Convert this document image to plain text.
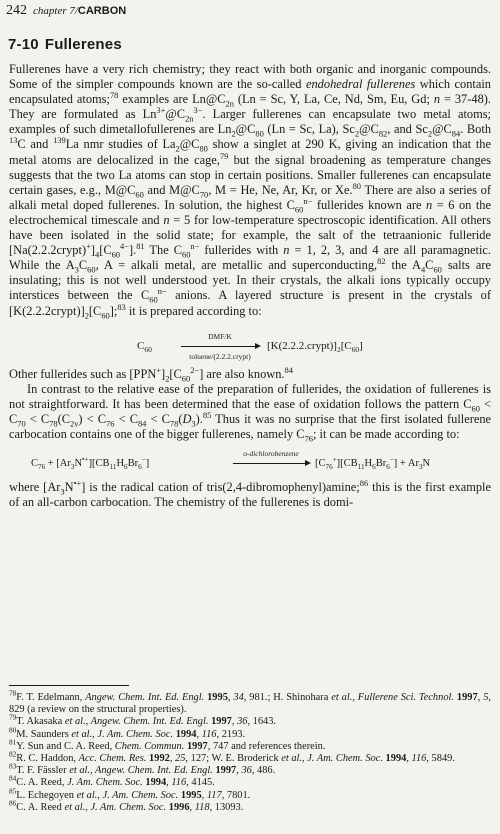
242 chapter 7/CARBON
7-10 Fullerenes

Fullerenes have a very rich chemistry; they react with both organic and inorganic compounds. Some of the simpler compounds known are the so-called endohedral fullerenes which contain encapsulated atoms;$^{78}$ examples are $Ln@C_{2n}$ (Ln = Sc, Y, La, Ce, Nd, Sm, Eu, Gd; n = 37-48). They are formulated as $Ln^{3+}@C_{2n}^{3-}$. Larger fullerenes can encapsulate two metal atoms; examples of such dimetallofullerenes are $Ln_2@C_{80}$ (Ln = Sc, La), $Sc_2@C_{82}$, and $Sc_2@C_{84}$. Both $^{13}$C and $^{139}$La nmr studies of $La_2@C_{80}$ show a singlet at 290 K, giving an indication that the metal atoms are delocalized in the cage,$^{79}$ but the signal broadening as temperature changes suggests that the two La atoms can stop in certain positions. Smaller fullerenes can encapsulate certain gases, e.g., $M@C_{60}$ and $M@C_{70}$, M = He, Ne, Ar, Kr, or Xe.$^{80}$ There are also a series of alkali metal doped fullerenes. In solution, the highest $C_{60}^{n-}$ fullerides known are n = 6 on the electrochemical timescale and n = 5 for low-temperature spectroscopic identification. All others have been isolated in the solid state; for example, the salt of the tetraanionic fulleride $[Na(2.2.2crypt)^+]_4[C_{60}^{4-}].^{81}$ The $C_{60}^{n-}$ fullerides with n = 1, 2, 3, and 4 are all paramagnetic. While the $A_3C_{60}$, A = alkali metal, are metallic and superconducting,$^{82}$ the $A_4C_{60}$ salts are insulating; this is not well understood yet. In their crystals, the alkali ions typically occupy interstices between the $C_{60}^{n-}$ anions. A layered structure is present in the crystals of $[K(2.2.2crypt)]_2[C_{60}];^{83}$ it is prepared according to:

$C_{60}$
DMF/K
toluene/(2.2.2.crypt)
$[K(2.2.2.crypt)]_2[C_{60}]$

Other fullerides such as $[PPN^+]_2[C_{60}^{2-}]$ are also known.$^{84}$

In contrast to the relative ease of the preparation of fullerides, the oxidation of fullerenes is not straightforward. It has been determined that the ease of oxidation follows the pattern $C_{60} < C_{70} < C_{78}(C_{2v}) < C_{76} < C_{84} < C_{78}(D_3).^{85}$ Thus it was no surprise that the first isolated fullerene carbocation contains one of the bigger fullerenes, namely $C_{76}$; it can be made according to:

$C_{76} + [Ar_3N^{•+}][CB_{11}H_6Br_6^-]$
o-dichlorobenzene
$[C_{76}^+][CB_{11}H_6Br_6^-] + Ar_3N$

where $[Ar_3N^{•+}]$ is the radical cation of tris(2,4-dibromophenyl)amine;$^{86}$ this is the first example of an all-carbon carbocation. The chemistry of the fullerenes is domi-

$^{78}$F. T. Edelmann, Angew. Chem. Int. Ed. Engl. 1995, 34, 981.; H. Shinohara et al., Fullerene Sci. Technol. 1997, 5, 829 (a review on the structural properties).
$^{79}$T. Akasaka et al., Angew. Chem. Int. Ed. Engl. 1997, 36, 1643.
$^{80}$M. Saunders et al., J. Am. Chem. Soc. 1994, 116, 2193.
$^{81}$Y. Sun and C. A. Reed, Chem. Commun. 1997, 747 and references therein.
$^{82}$R. C. Haddon, Acc. Chem. Res. 1992, 25, 127; W. E. Broderick et al., J. Am. Chem. Soc. 1994, 116, 5849.
$^{83}$T. F. Fässler et al., Angew. Chem. Int. Ed. Engl. 1997, 36, 486.
$^{84}$C. A. Reed, J. Am. Chem. Soc. 1994, 116, 4145.
$^{85}$L. Echegoyen et al., J. Am. Chem. Soc. 1995, 117, 7801.
$^{86}$C. A. Reed et al., J. Am. Chem. Soc. 1996, 118, 13093.
